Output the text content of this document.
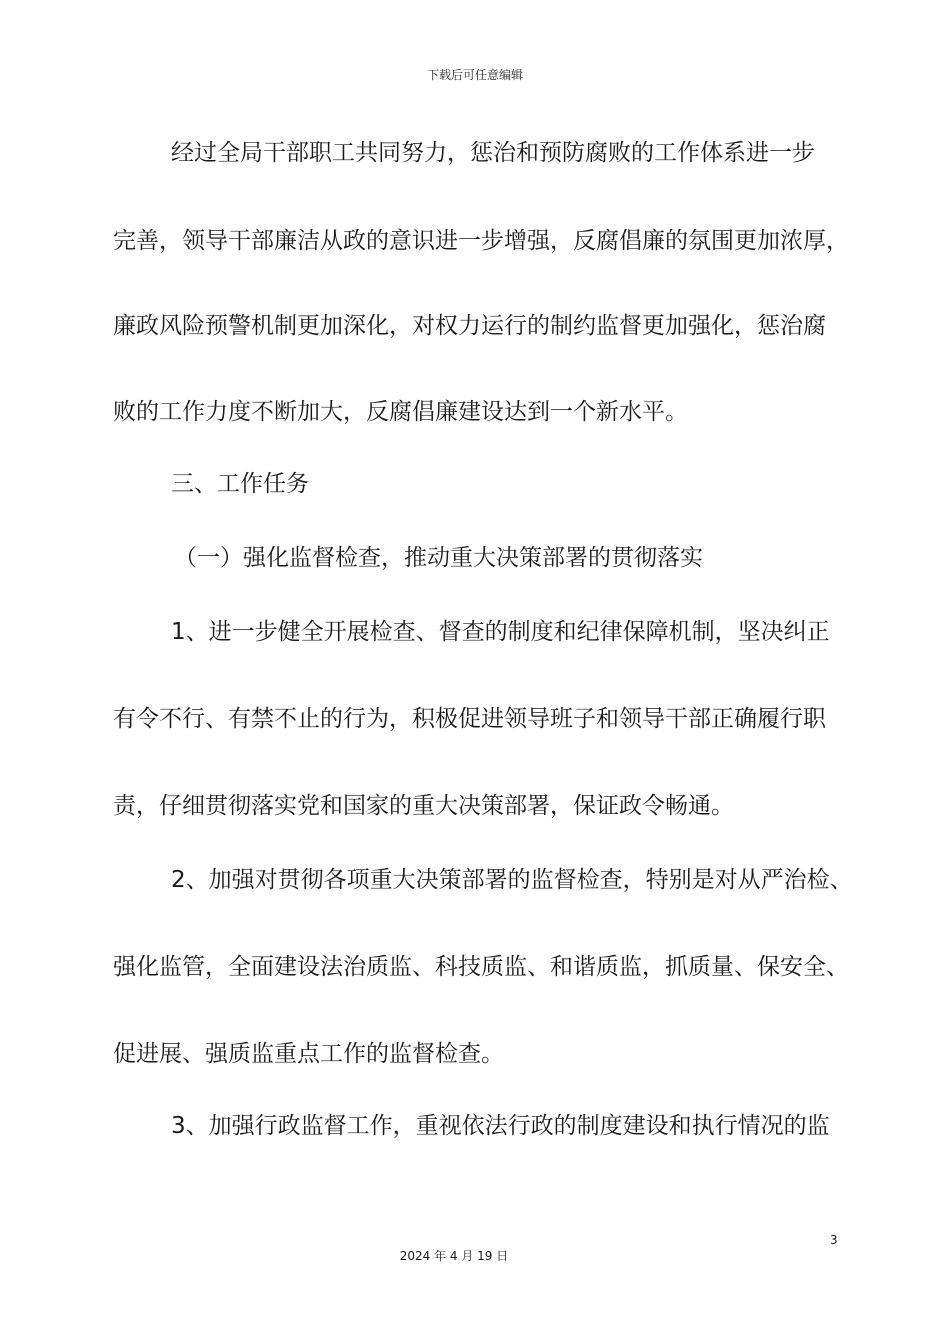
下载后可任意编辑
经过全局干部职工共同努力，惩治和预防腐败的工作体系进一步
完善，领导干部廉洁从政的意识进一步增强，反腐倡廉的氛围更加浓厚，
廉政风险预警机制更加深化，对权力运行的制约监督更加强化，惩治腐
败的工作力度不断加大，反腐倡廉建设达到一个新水平。
三、工作任务
（一）强化监督检查，推动重大决策部署的贯彻落实
1、进一步健全开展检查、督查的制度和纪律保障机制，坚决纠正
有令不行、有禁不止的行为，积极促进领导班子和领导干部正确履行职
责，仔细贯彻落实党和国家的重大决策部署，保证政令畅通。
2、加强对贯彻各项重大决策部署的监督检查，特别是对从严治检、
强化监管，全面建设法治质监、科技质监、和谐质监，抓质量、保安全、
促进展、强质监重点工作的监督检查。
3、加强行政监督工作，重视依法行政的制度建设和执行情况的监
3
2024 年 4 月 19 日
